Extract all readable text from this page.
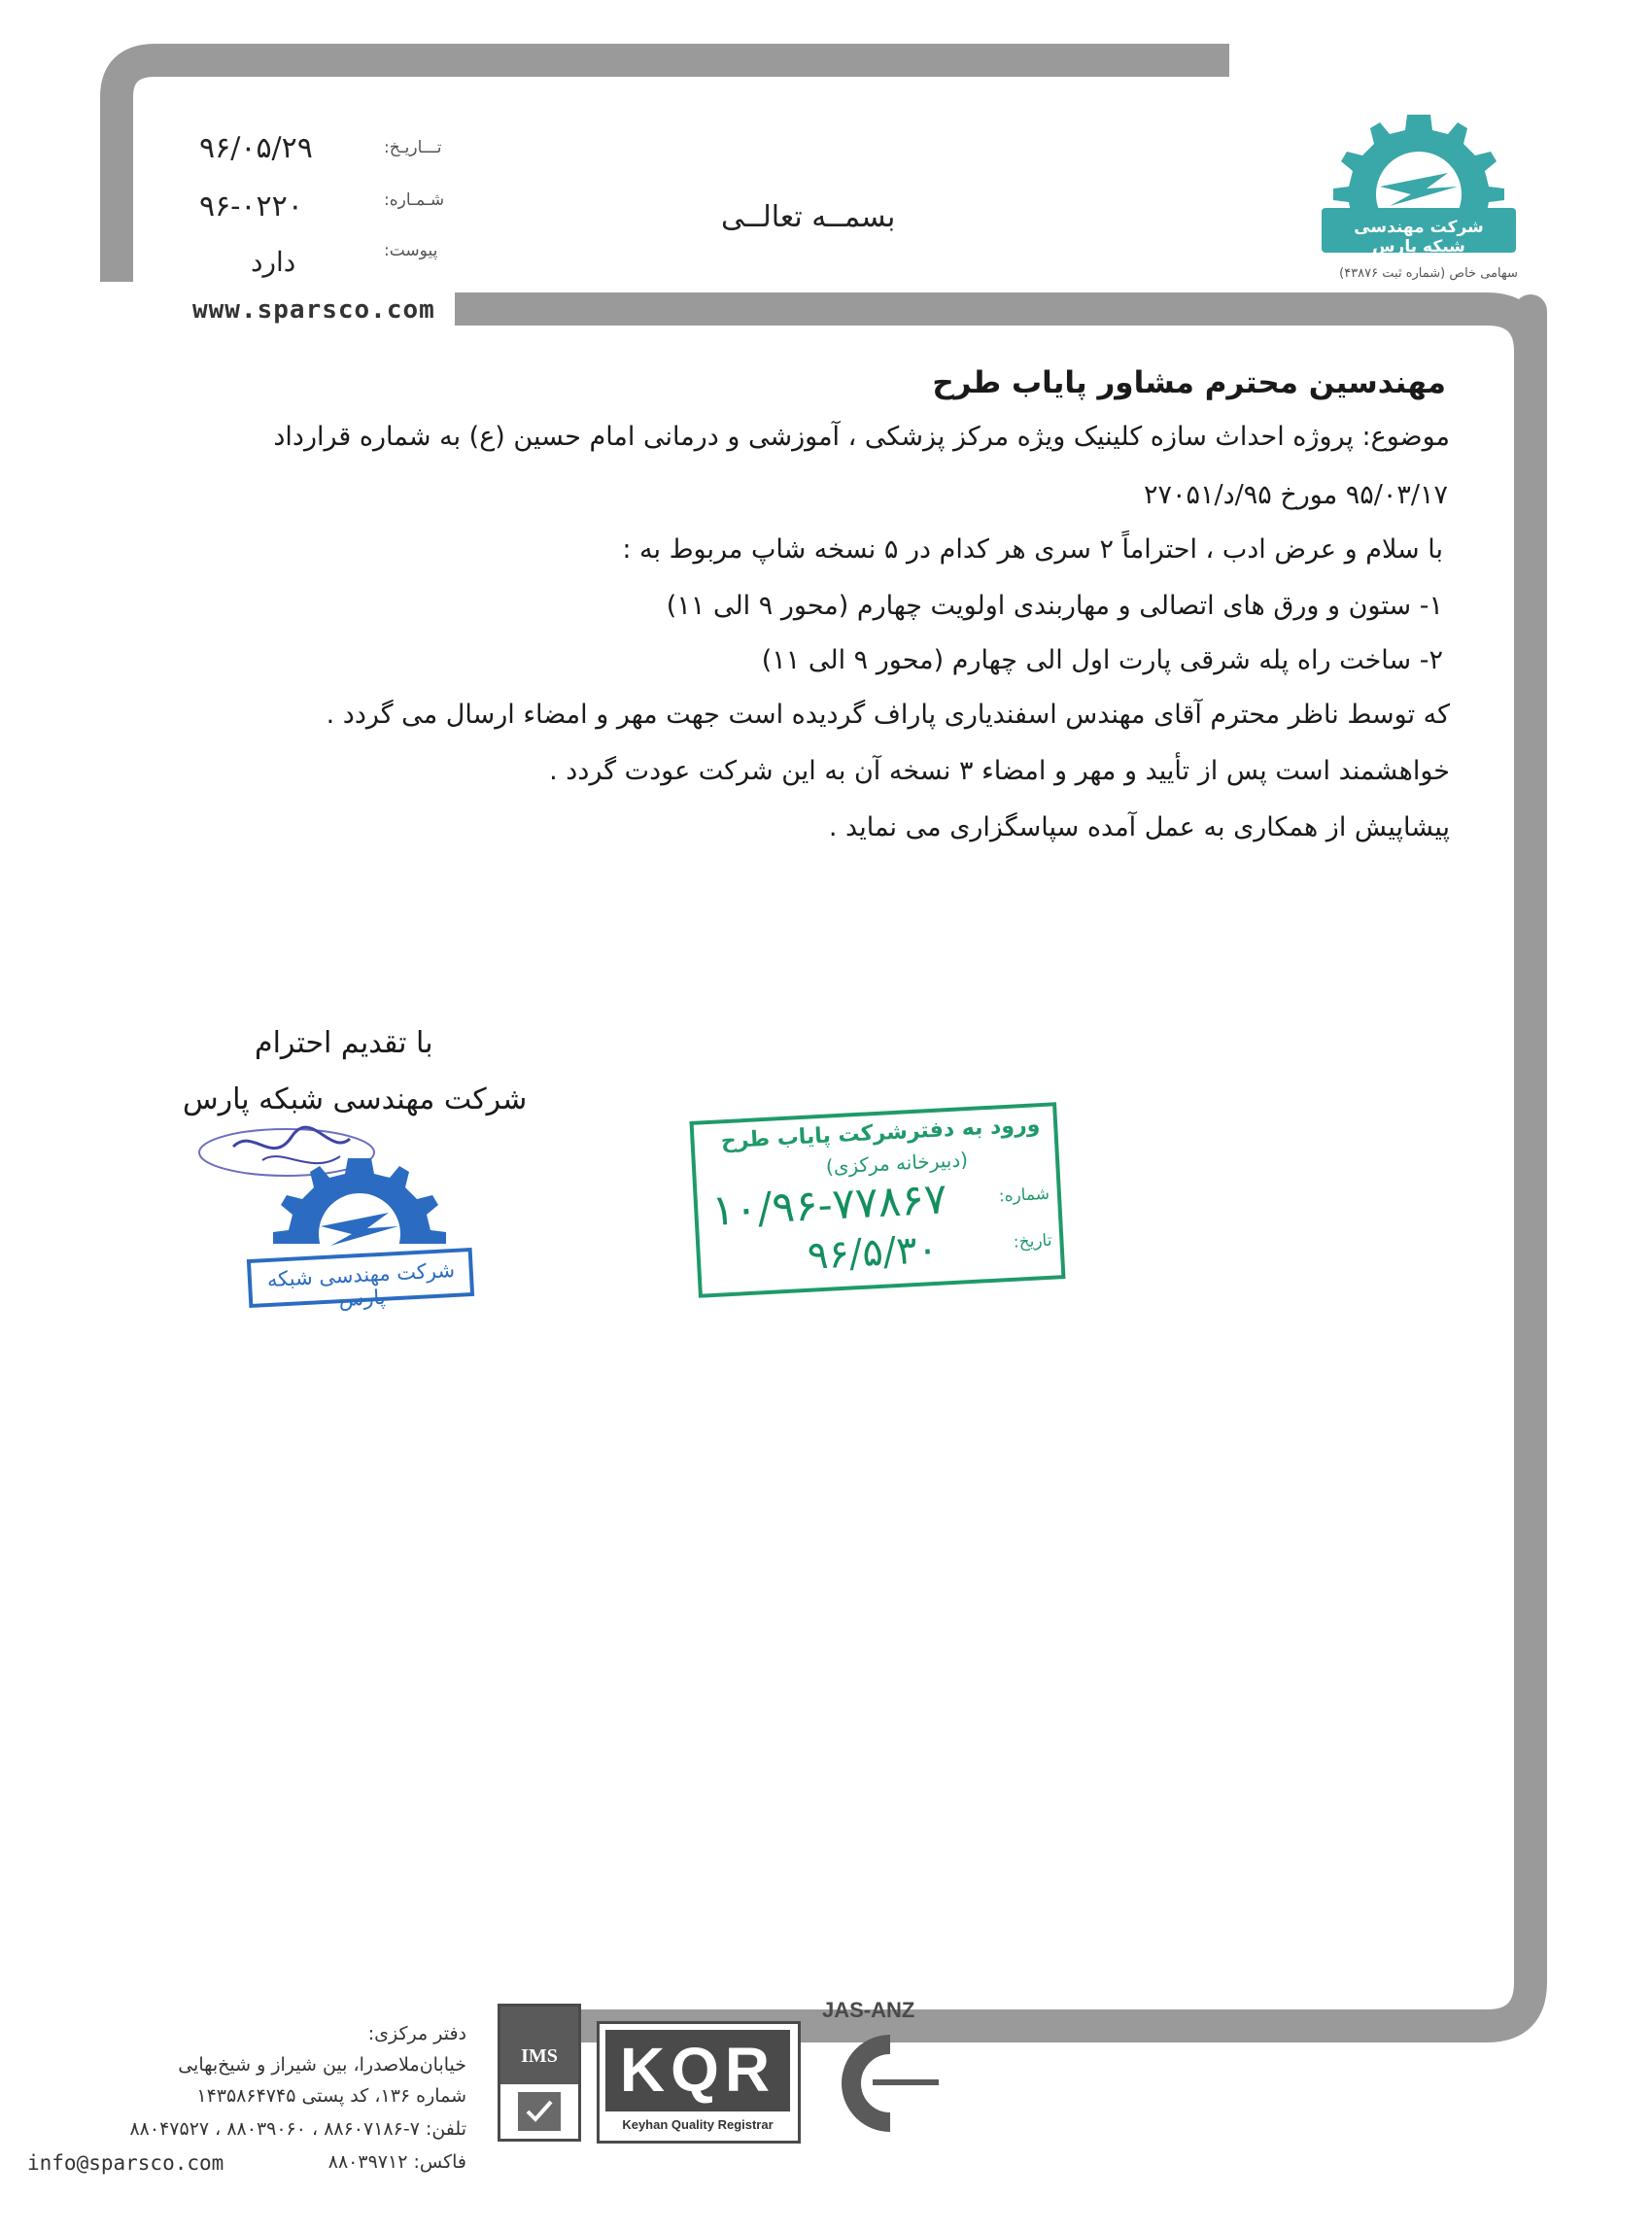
تـــاریـخ:
۹۶/۰۵/۲۹
شـمـاره:
۹۶-۰۲۲۰
پیوست:
دارد
www.sparsco.com
بسمــه تعالــی	شرکت مهندسی شبکه پارس
سهامی خاص (شماره ثبت ۴۳۸۷۶)
مهندسین محترم مشاور پایاب طرح
موضوع: پروژه احداث سازه کلینیک ویژه مرکز پزشکی ، آموزشی و درمانی امام حسین (ع) به شماره قرارداد
۹۵/۰۳/۱۷ مورخ ۹۵/د/۲۷۰۵۱
با سلام و عرض ادب ، احتراماً ۲ سری هر کدام در ۵ نسخه شاپ مربوط به :
۱- ستون و ورق های اتصالی و مهاربندی اولویت چهارم (محور ۹ الی ۱۱)
۲- ساخت راه پله شرقی پارت اول الی چهارم (محور ۹ الی ۱۱)
که توسط ناظر محترم آقای مهندس اسفندیاری پاراف گردیده است جهت مهر و امضاء ارسال می گردد .
خواهشمند است پس از تأیید و مهر و امضاء ۳ نسخه آن به این شرکت عودت گردد .
پیشاپیش از همکاری به عمل آمده سپاسگزاری می نماید .
با تقدیم احترام
شرکت مهندسی شبکه پارس
شرکت مهندسی شبکه پارس
ورود به دفترشرکت پایاب طرح
(دبیرخانه مرکزی)
شماره:
۱۰/۹۶-۷۷۸۶۷
تاریخ:
۹۶/۵/۳۰
دفتر مرکزی:
خیابان‌ملاصدرا، بین شیراز و شیخ‌بهایی
شماره ۱۳۶، کد پستی ۱۴۳۵۸۶۴۷۴۵
تلفن: ۷-۸۸۶۰۷۱۸۶ ، ۸۸۰۳۹۰۶۰ ، ۸۸۰۴۷۵۲۷
فاکس: ۸۸۰۳۹۷۱۲
info@sparsco.com
IMS	KQR
Keyhan Quality Registrar
JAS-ANZ
